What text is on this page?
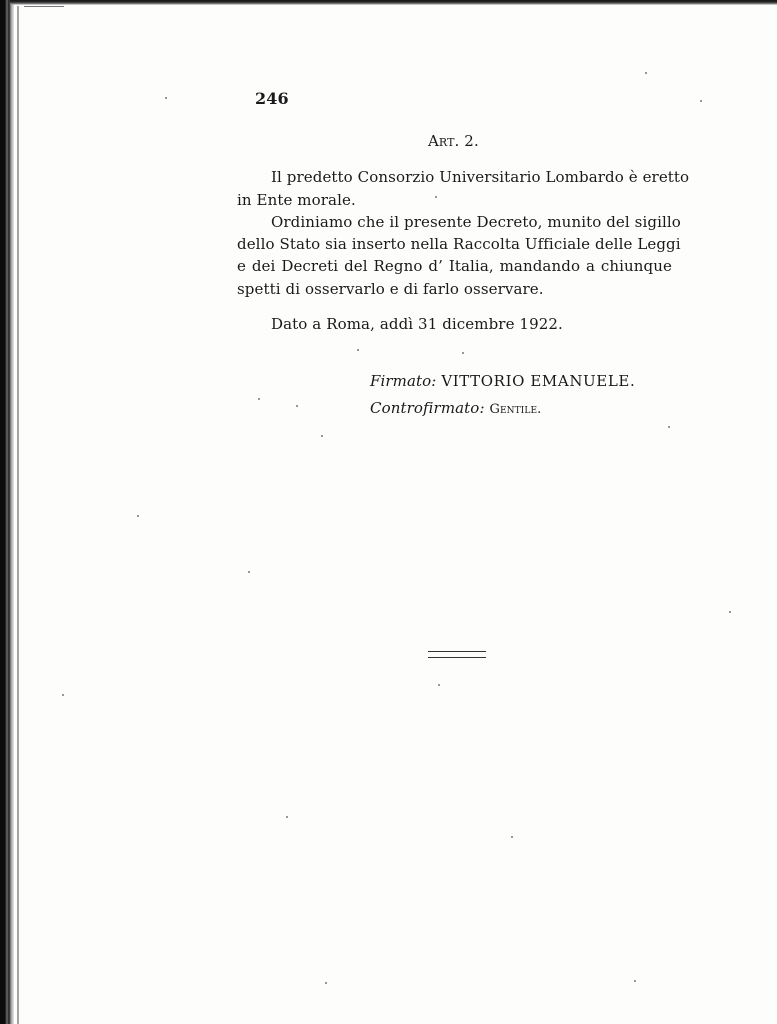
246
Art. 2.
Il predetto Consorzio Universitario Lombardo è eretto
in Ente morale.
Ordiniamo che il presente Decreto, munito del sigillo
dello Stato sia inserto nella Raccolta Ufficiale delle Leggi
e dei Decreti del Regno d’ Italia, mandando a chiunque
spetti di osservarlo e di farlo osservare.
Dato a Roma, addì 31 dicembre 1922.
Firmato: VITTORIO EMANUELE.
Controfirmato: Gentile.
